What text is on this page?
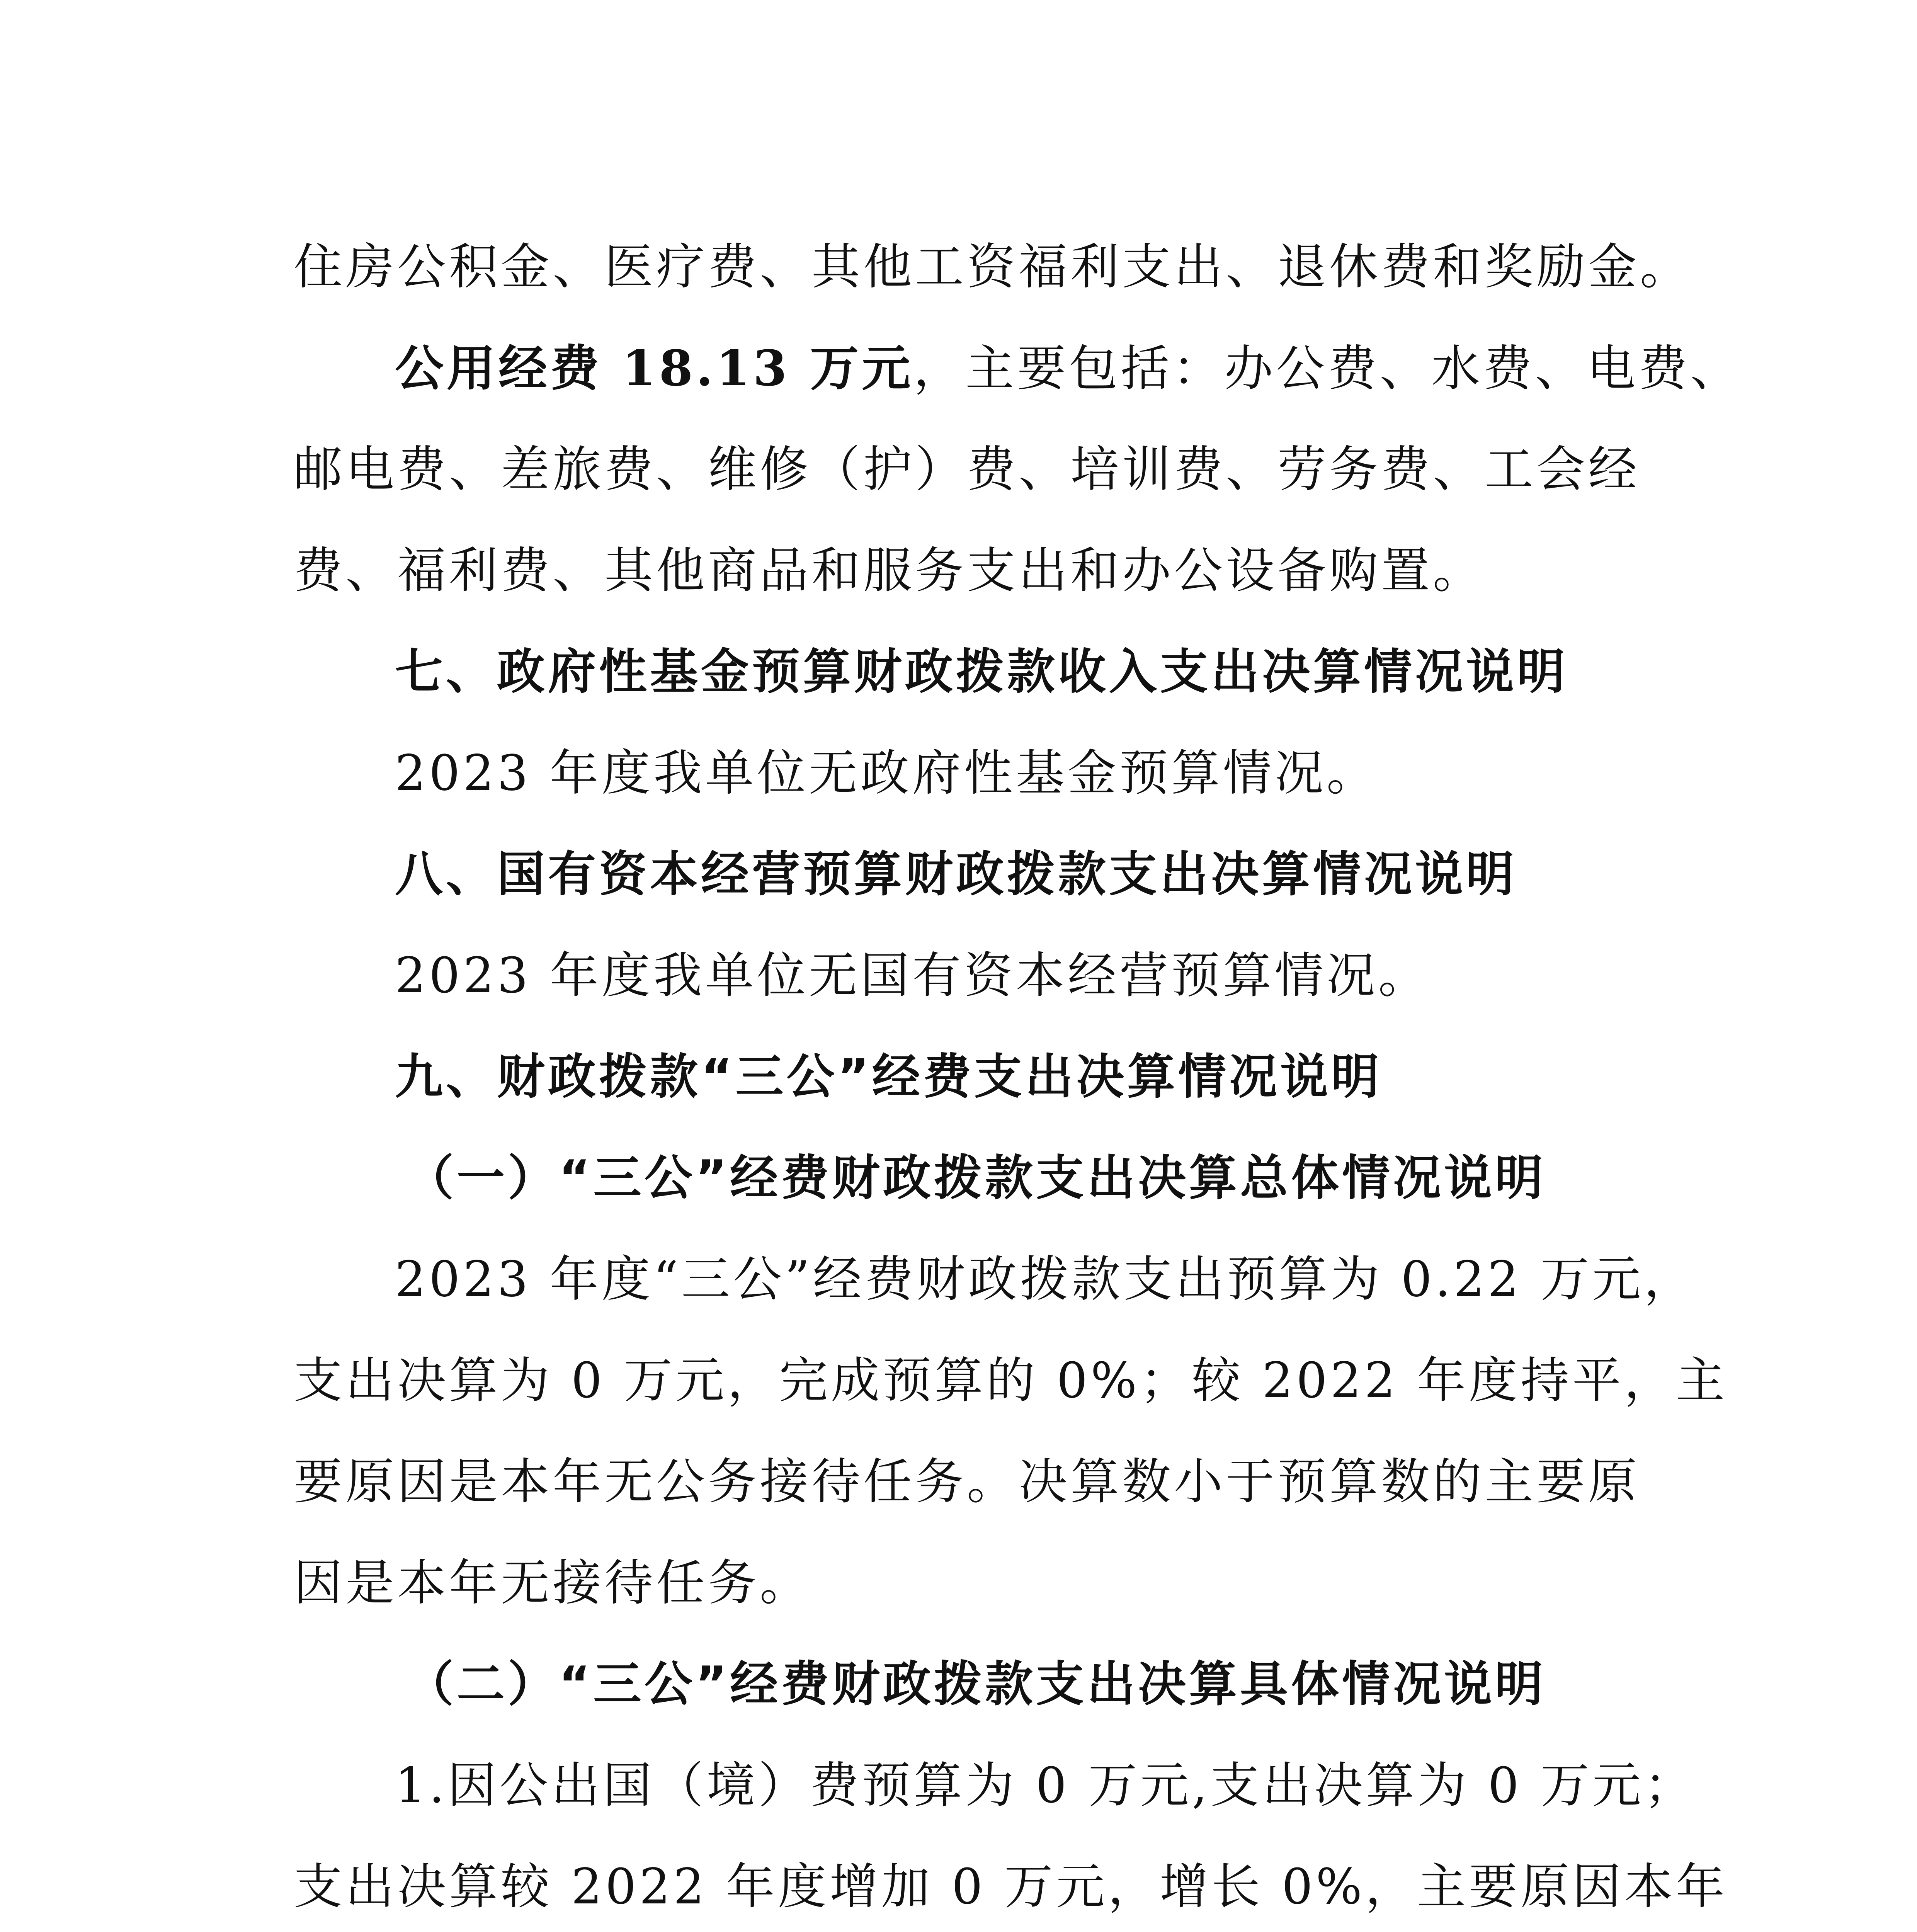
住房公积金、医疗费、其他工资福利支出、退休费和奖励金。
公用经费 18.13 万元，主要包括：办公费、水费、电费、
邮电费、差旅费、维修（护）费、培训费、劳务费、工会经
费、福利费、其他商品和服务支出和办公设备购置。
七、政府性基金预算财政拨款收入支出决算情况说明
2023 年度我单位无政府性基金预算情况。
八、国有资本经营预算财政拨款支出决算情况说明
2023 年度我单位无国有资本经营预算情况。
九、财政拨款“三公”经费支出决算情况说明
（一）“三公”经费财政拨款支出决算总体情况说明
2023 年度“三公”经费财政拨款支出预算为 0.22 万元，
支出决算为 0 万元，完成预算的 0%；较 2022 年度持平，主
要原因是本年无公务接待任务。决算数小于预算数的主要原
因是本年无接待任务。
（二）“三公”经费财政拨款支出决算具体情况说明
1.因公出国（境）费预算为 0 万元,支出决算为 0 万元；
支出决算较 2022 年度增加 0 万元，增长 0%，主要原因本年
